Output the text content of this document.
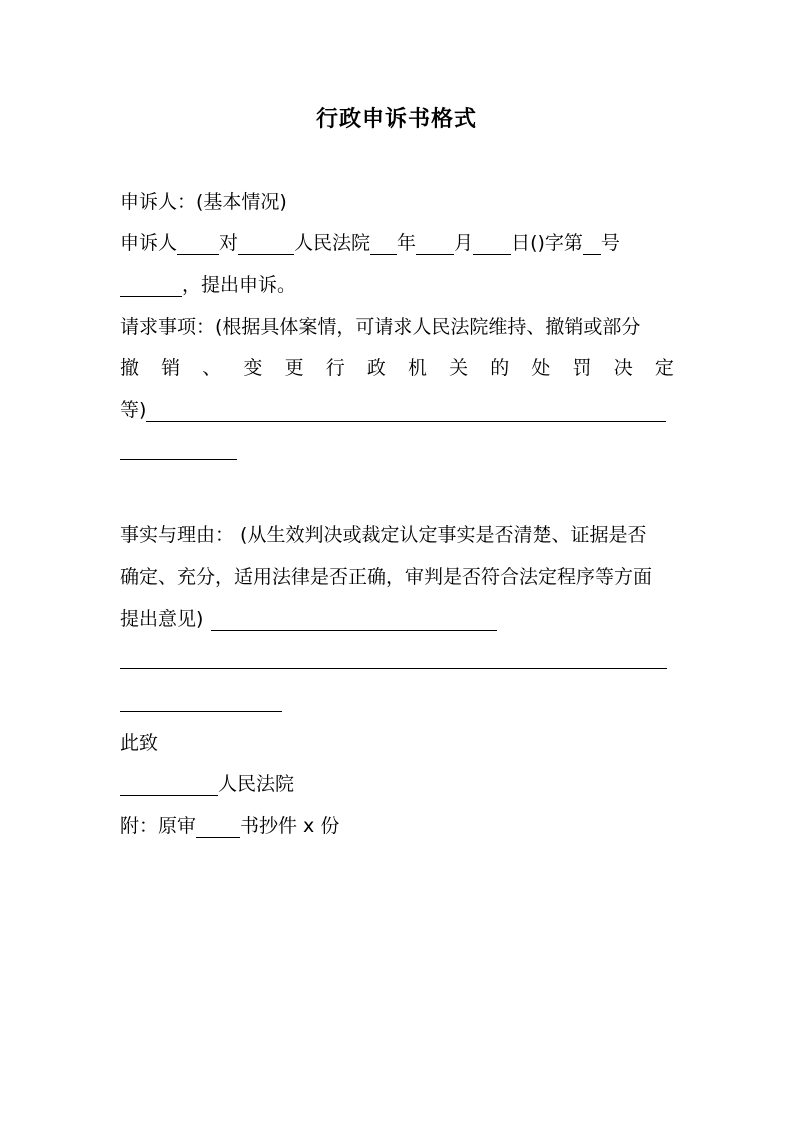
行政申诉书格式
申诉人：(基本情况)
申诉人 对	人民法院 年 月 日()字第 号
，提出申诉。
请求事项：(根据具体案情，可请求人民法院维持、撤销或部分
撤 销 、 变 更 行 政 机 关 的 处 罚 决 定
等)
事实与理由： (从生效判决或裁定认定事实是否清楚、证据是否
确定、充分，适用法律是否正确，审判是否符合法定程序等方面
提出意见)
此致
人民法院
附：原审 书抄件 x 份
